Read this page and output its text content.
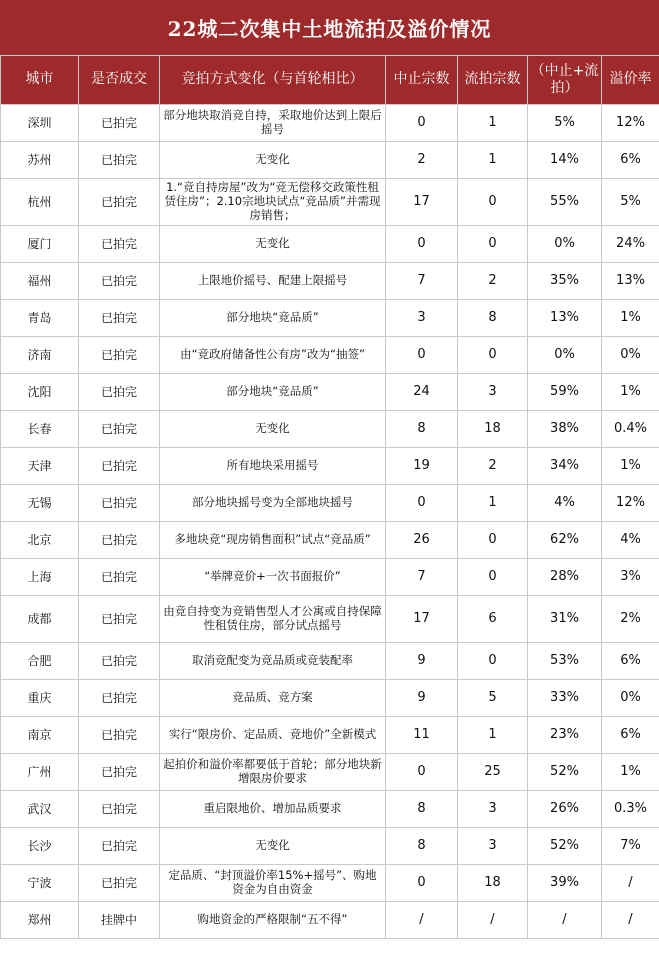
22城二次集中土地流拍及溢价情况
城市	是否成交	竞拍方式变化（与首轮相比）	中止宗数	流拍宗数	（中止+流拍）	溢价率
深圳	已拍完	部分地块取消竞自持，采取地价达到上限后摇号	0	1	5%	12%
苏州	已拍完	无变化	2	1	14%	6%
杭州	已拍完	1.“竞自持房屋”改为“竞无偿移交政策性租赁住房”；2.10宗地块试点“竞品质”并需现房销售；	17	0	55%	5%
厦门	已拍完	无变化	0	0	0%	24%
福州	已拍完	上限地价摇号、配建上限摇号	7	2	35%	13%
青岛	已拍完	部分地块“竞品质”	3	8	13%	1%
济南	已拍完	由“竞政府储备性公有房”改为“抽签”	0	0	0%	0%
沈阳	已拍完	部分地块“竞品质”	24	3	59%	1%
长春	已拍完	无变化	8	18	38%	0.4%
天津	已拍完	所有地块采用摇号	19	2	34%	1%
无锡	已拍完	部分地块摇号变为全部地块摇号	0	1	4%	12%
北京	已拍完	多地块竞“现房销售面积”试点“竞品质”	26	0	62%	4%
上海	已拍完	“举牌竞价+一次书面报价”	7	0	28%	3%
成都	已拍完	由竞自持变为竞销售型人才公寓或自持保障性租赁住房，部分试点摇号	17	6	31%	2%
合肥	已拍完	取消竞配变为竞品质或竞装配率	9	0	53%	6%
重庆	已拍完	竞品质、竞方案	9	5	33%	0%
南京	已拍完	实行“限房价、定品质、竞地价”全新模式	11	1	23%	6%
广州	已拍完	起拍价和溢价率都要低于首轮；部分地块新增限房价要求	0	25	52%	1%
武汉	已拍完	重启限地价、增加品质要求	8	3	26%	0.3%
长沙	已拍完	无变化	8	3	52%	7%
宁波	已拍完	定品质、“封顶溢价率15%+摇号”、购地资金为自由资金	0	18	39%	/
郑州	挂牌中	购地资金的严格限制“五不得”	/	/	/	/
